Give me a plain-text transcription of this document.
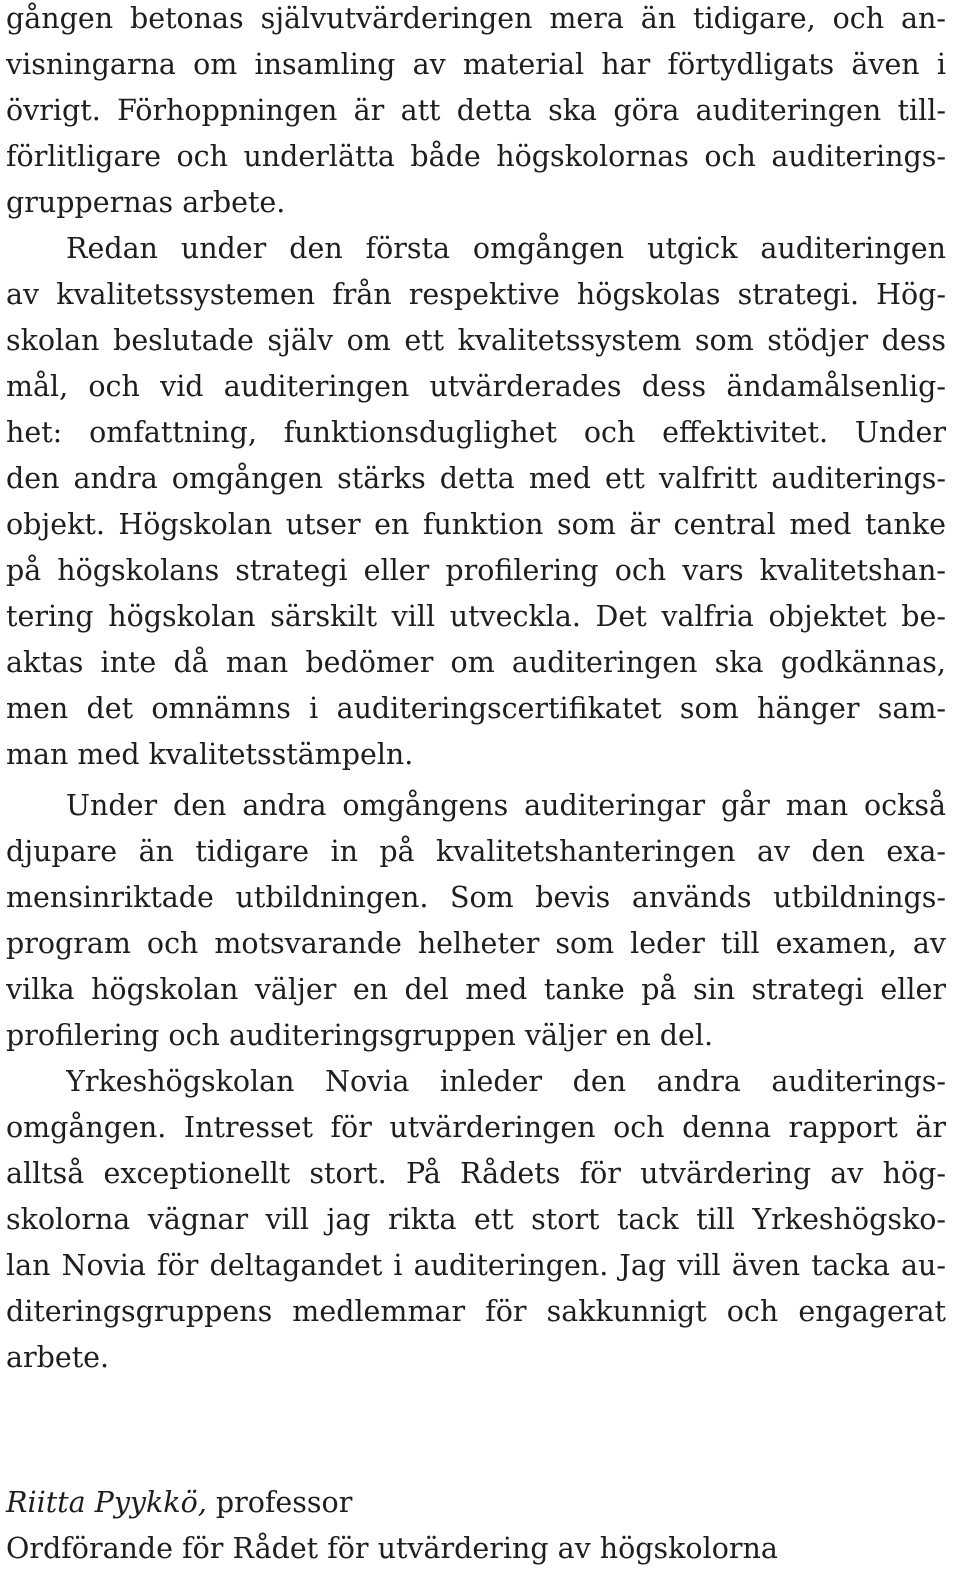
gången betonas självutvärderingen mera än tidigare, och an-
visningarna om insamling av material har förtydligats även i
övrigt. Förhoppningen är att detta ska göra auditeringen till-
förlitligare och underlätta både högskolornas och auditerings-
gruppernas arbete.
Redan under den första omgången utgick auditeringen
av kvalitetssystemen från respektive högskolas strategi. Hög-
skolan beslutade själv om ett kvalitetssystem som stödjer dess
mål, och vid auditeringen utvärderades dess ändamålsenlig-
het: omfattning, funktionsduglighet och effektivitet. Under
den andra omgången stärks detta med ett valfritt auditerings-
objekt. Högskolan utser en funktion som är central med tanke
på högskolans strategi eller profilering och vars kvalitetshan-
tering högskolan särskilt vill utveckla. Det valfria objektet be-
aktas inte då man bedömer om auditeringen ska godkännas,
men det omnämns i auditeringscertifikatet som hänger sam-
man med kvalitetsstämpeln.
Under den andra omgångens auditeringar går man också
djupare än tidigare in på kvalitetshanteringen av den exa-
mensinriktade utbildningen. Som bevis används utbildnings-
program och motsvarande helheter som leder till examen, av
vilka högskolan väljer en del med tanke på sin strategi eller
profilering och auditeringsgruppen väljer en del.
Yrkeshögskolan Novia inleder den andra auditerings-
omgången. Intresset för utvärderingen och denna rapport är
alltså exceptionellt stort. På Rådets för utvärdering av hög-
skolorna vägnar vill jag rikta ett stort tack till Yrkeshögsko-
lan Novia för deltagandet i auditeringen. Jag vill även tacka au-
diteringsgruppens medlemmar för sakkunnigt och engagerat
arbete.
Riitta Pyykkö, professor
Ordförande för Rådet för utvärdering av högskolorna
